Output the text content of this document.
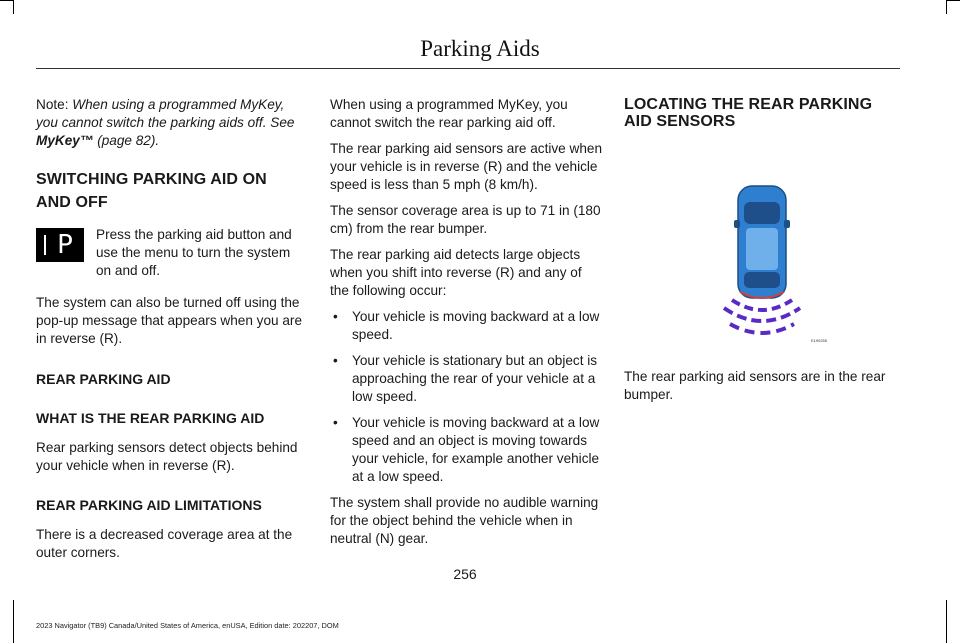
Parking Aids

Note: When using a programmed MyKey, you cannot switch the parking aids off. See MyKey™ (page 82).

SWITCHING PARKING AID ON AND OFF
P Press the parking aid button and use the menu to turn the system on and off.

The system can also be turned off using the pop-up message that appears when you are in reverse (R).

REAR PARKING AID
WHAT IS THE REAR PARKING AID

Rear parking sensors detect objects behind your vehicle when in reverse (R).

REAR PARKING AID LIMITATIONS

There is a decreased coverage area at the outer corners.

When using a programmed MyKey, you cannot switch the rear parking aid off.

The rear parking aid sensors are active when your vehicle is in reverse (R) and the vehicle speed is less than 5 mph (8 km/h).

The sensor coverage area is up to 71 in (180 cm) from the rear bumper.

The rear parking aid detects large objects when you shift into reverse (R) and any of the following occur:

• Your vehicle is moving backward at a low speed.
• Your vehicle is stationary but an object is approaching the rear of your vehicle at a low speed.
• Your vehicle is moving backward at a low speed and an object is moving towards your vehicle, for example another vehicle at a low speed.

The system shall provide no audible warning for the object behind the vehicle when in neutral (N) gear.

LOCATING THE REAR PARKING AID SENSORS

The rear parking aid sensors are in the rear bumper.

E190255
256
2023 Navigator (TB9) Canada/United States of America, enUSA, Edition date: 202207, DOM
